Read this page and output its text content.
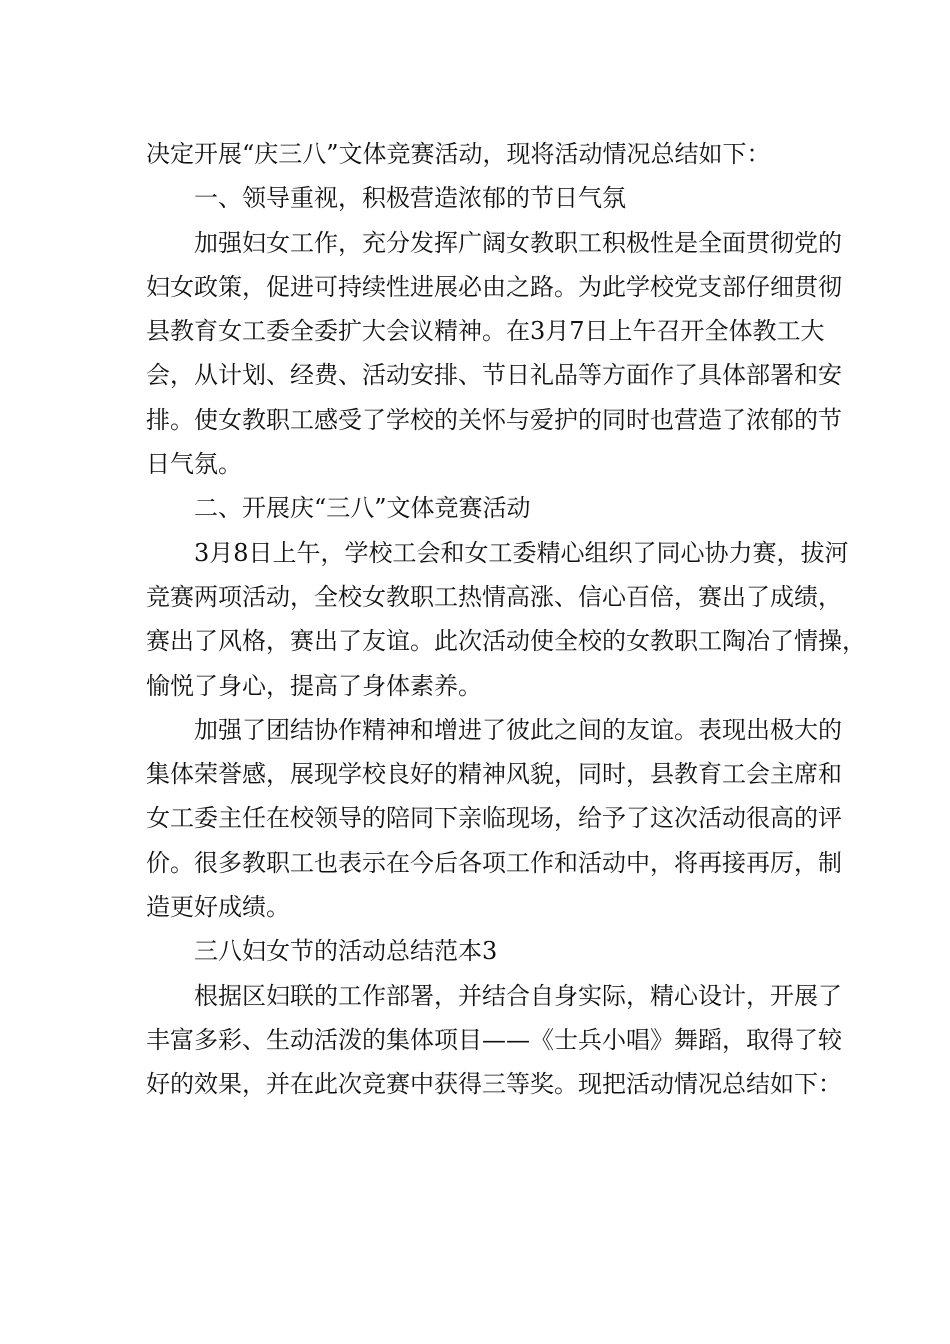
决定开展“庆三八”文体竞赛活动，现将活动情况总结如下：
一、领导重视，积极营造浓郁的节日气氛
加强妇女工作，充分发挥广阔女教职工积极性是全面贯彻党的
妇女政策，促进可持续性进展必由之路。为此学校党支部仔细贯彻
县教育女工委全委扩大会议精神。在3月7日上午召开全体教工大
会，从计划、经费、活动安排、节日礼品等方面作了具体部署和安
排。使女教职工感受了学校的关怀与爱护的同时也营造了浓郁的节
日气氛。
二、开展庆“三八”文体竞赛活动
3月8日上午，学校工会和女工委精心组织了同心协力赛，拔河
竞赛两项活动，全校女教职工热情高涨、信心百倍，赛出了成绩，
赛出了风格，赛出了友谊。此次活动使全校的女教职工陶冶了情操，
愉悦了身心，提高了身体素养。
加强了团结协作精神和增进了彼此之间的友谊。表现出极大的
集体荣誉感，展现学校良好的精神风貌，同时，县教育工会主席和
女工委主任在校领导的陪同下亲临现场，给予了这次活动很高的评
价。很多教职工也表示在今后各项工作和活动中，将再接再厉，制
造更好成绩。
三八妇女节的活动总结范本3
根据区妇联的工作部署，并结合自身实际，精心设计，开展了
丰富多彩、生动活泼的集体项目——《士兵小唱》舞蹈，取得了较
好的效果，并在此次竞赛中获得三等奖。现把活动情况总结如下：
